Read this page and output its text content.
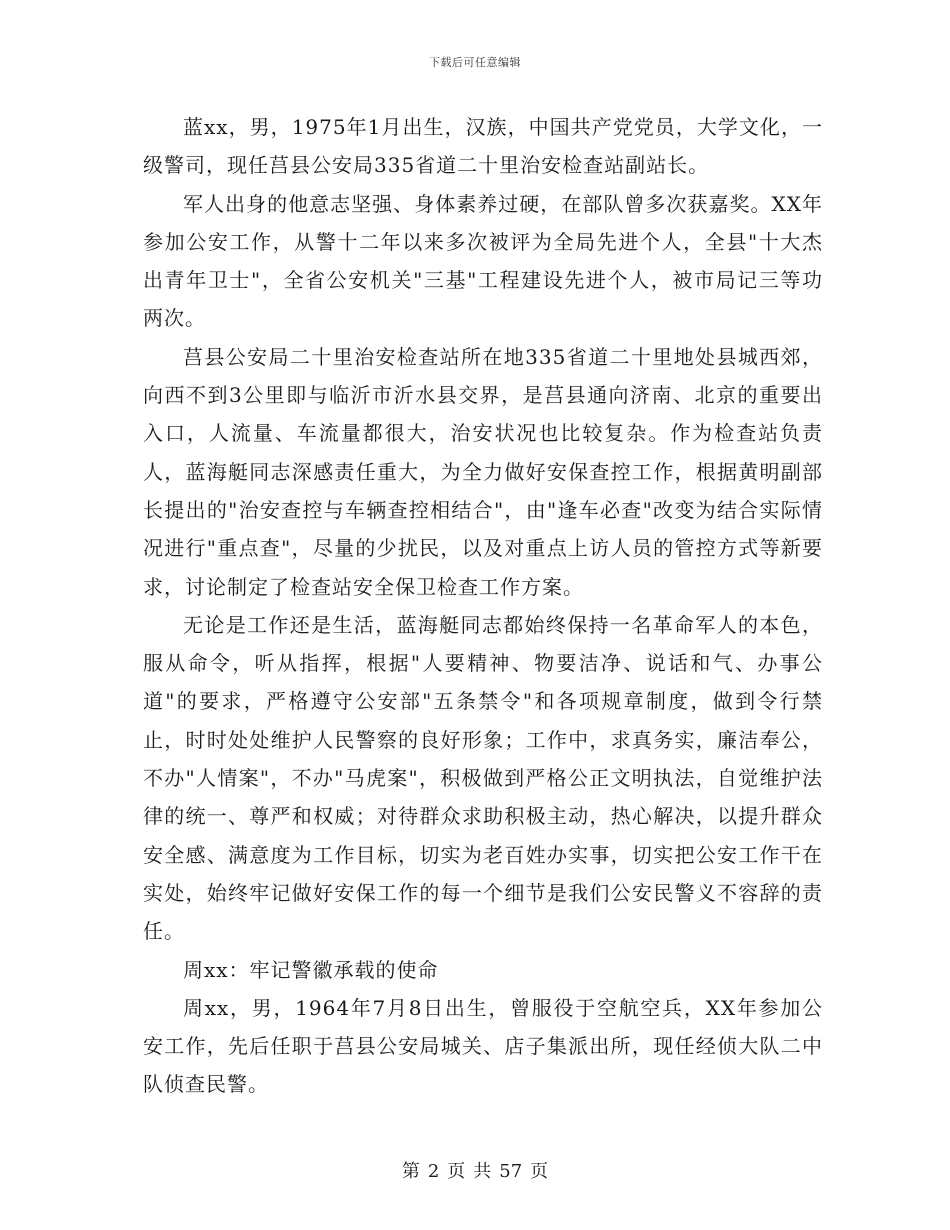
下载后可任意编辑

蓝xx，男，1975年1月出生，汉族，中国共产党党员，大学文化，一级警司，现任莒县公安局335省道二十里治安检查站副站长。

军人出身的他意志坚强、身体素养过硬，在部队曾多次获嘉奖。XX年参加公安工作，从警十二年以来多次被评为全局先进个人，全县"十大杰出青年卫士"，全省公安机关"三基"工程建设先进个人，被市局记三等功两次。

莒县公安局二十里治安检查站所在地335省道二十里地处县城西郊，向西不到3公里即与临沂市沂水县交界，是莒县通向济南、北京的重要出入口，人流量、车流量都很大，治安状况也比较复杂。作为检查站负责人，蓝海艇同志深感责任重大，为全力做好安保查控工作，根据黄明副部长提出的"治安查控与车辆查控相结合"，由"逢车必查"改变为结合实际情况进行"重点查"，尽量的少扰民，以及对重点上访人员的管控方式等新要求，讨论制定了检查站安全保卫检查工作方案。

无论是工作还是生活，蓝海艇同志都始终保持一名革命军人的本色，服从命令，听从指挥，根据"人要精神、物要洁净、说话和气、办事公道"的要求，严格遵守公安部"五条禁令"和各项规章制度，做到令行禁止，时时处处维护人民警察的良好形象；工作中，求真务实，廉洁奉公，不办"人情案"，不办"马虎案"，积极做到严格公正文明执法，自觉维护法律的统一、尊严和权威；对待群众求助积极主动，热心解决，以提升群众安全感、满意度为工作目标，切实为老百姓办实事，切实把公安工作干在实处，始终牢记做好安保工作的每一个细节是我们公安民警义不容辞的责任。

周xx：牢记警徽承载的使命

周xx，男，1964年7月8日出生，曾服役于空航空兵，XX年参加公安工作，先后任职于莒县公安局城关、店子集派出所，现任经侦大队二中队侦查民警。

第 2 页 共 57 页
